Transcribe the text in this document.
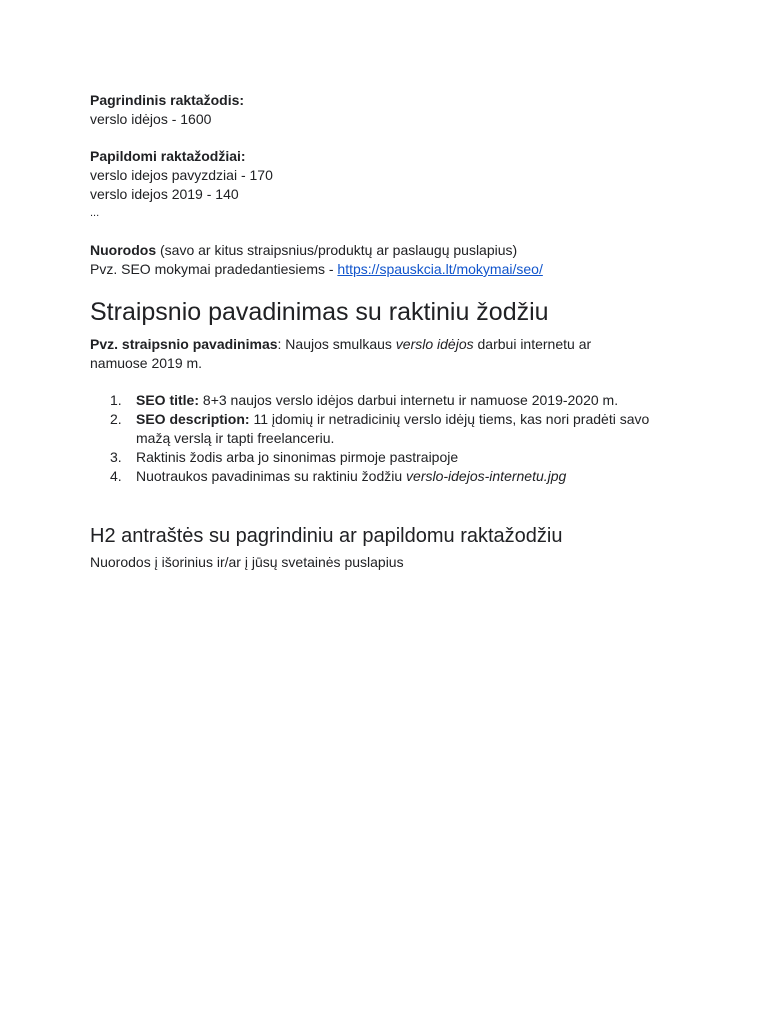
Pagrindinis raktažodis:
verslo idėjos - 1600
Papildomi raktažodžiai:
verslo idejos pavyzdziai - 170
verslo idejos 2019 - 140
...
Nuorodos (savo ar kitus straipsnius/produktų ar paslaugų puslapius)
Pvz. SEO mokymai pradedantiesiems - https://spauskcia.lt/mokymai/seo/
Straipsnio pavadinimas su raktiniu žodžiu
Pvz. straipsnio pavadinimas: Naujos smulkaus verslo idėjos darbui internetu ar namuose 2019 m.
1.	SEO title: 8+3 naujos verslo idėjos darbui internetu ir namuose 2019-2020 m.
2.	SEO description: 11 įdomių ir netradicinių verslo idėjų tiems, kas nori pradėti savo mažą verslą ir tapti freelanceriu.
3.	Raktinis žodis arba jo sinonimas pirmoje pastraipoje
4.	Nuotraukos pavadinimas su raktiniu žodžiu verslo-idejos-internetu.jpg
H2 antraštės su pagrindiniu ar papildomu raktažodžiu
Nuorodos į išorinius ir/ar į jūsų svetainės puslapius
